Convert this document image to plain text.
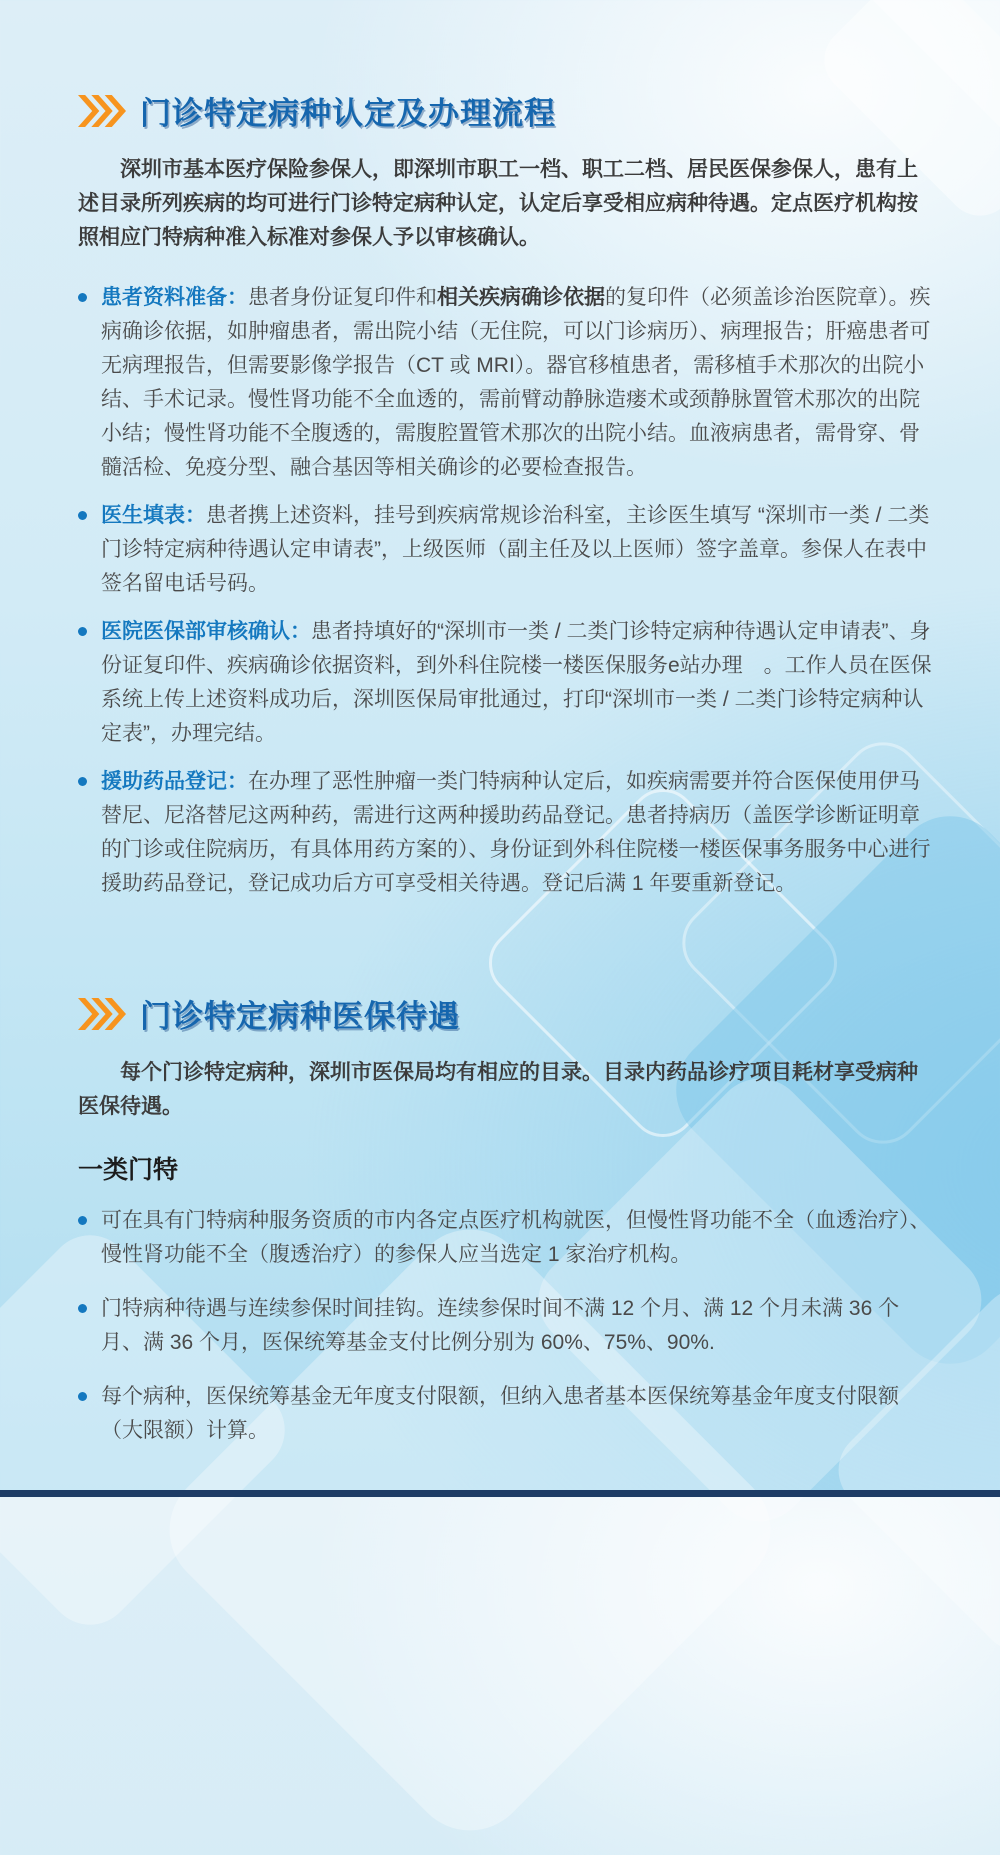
门诊特定病种认定及办理流程

深圳市基本医疗保险参保人，即深圳市职工一档、职工二档、居民医保参保人，患有上述目录所列疾病的均可进行门诊特定病种认定，认定后享受相应病种待遇。定点医疗机构按照相应门特病种准入标准对参保人予以审核确认。

患者资料准备：患者身份证复印件和相关疾病确诊依据的复印件（必须盖诊治医院章）。疾病确诊依据，如肿瘤患者，需出院小结（无住院，可以门诊病历）、病理报告；肝癌患者可无病理报告，但需要影像学报告（CT 或 MRI）。器官移植患者，需移植手术那次的出院小结、手术记录。慢性肾功能不全血透的，需前臂动静脉造瘘术或颈静脉置管术那次的出院小结；慢性肾功能不全腹透的，需腹腔置管术那次的出院小结。血液病患者，需骨穿、骨髓活检、免疫分型、融合基因等相关确诊的必要检查报告。
医生填表：患者携上述资料，挂号到疾病常规诊治科室，主诊医生填写 “深圳市一类 / 二类门诊特定病种待遇认定申请表”，上级医师（副主任及以上医师）签字盖章。参保人在表中签名留电话号码。
医院医保部审核确认：患者持填好的“深圳市一类 / 二类门诊特定病种待遇认定申请表”、身份证复印件、疾病确诊依据资料，到外科住院楼一楼医保服务e站办理　。工作人员在医保系统上传上述资料成功后，深圳医保局审批通过，打印“深圳市一类 / 二类门诊特定病种认定表”，办理完结。
援助药品登记：在办理了恶性肿瘤一类门特病种认定后，如疾病需要并符合医保使用伊马替尼、尼洛替尼这两种药，需进行这两种援助药品登记。患者持病历（盖医学诊断证明章的门诊或住院病历，有具体用药方案的）、身份证到外科住院楼一楼医保事务服务中心进行援助药品登记，登记成功后方可享受相关待遇。登记后满 1 年要重新登记。
门诊特定病种医保待遇

每个门诊特定病种，深圳市医保局均有相应的目录。目录内药品诊疗项目耗材享受病种医保待遇。

一类门特
可在具有门特病种服务资质的市内各定点医疗机构就医，但慢性肾功能不全（血透治疗）、慢性肾功能不全（腹透治疗）的参保人应当选定 1 家治疗机构。
门特病种待遇与连续参保时间挂钩。连续参保时间不满 12 个月、满 12 个月未满 36 个月、满 36 个月，医保统筹基金支付比例分别为 60%、75%、90%.
每个病种，医保统筹基金无年度支付限额，但纳入患者基本医保统筹基金年度支付限额（大限额）计算。
